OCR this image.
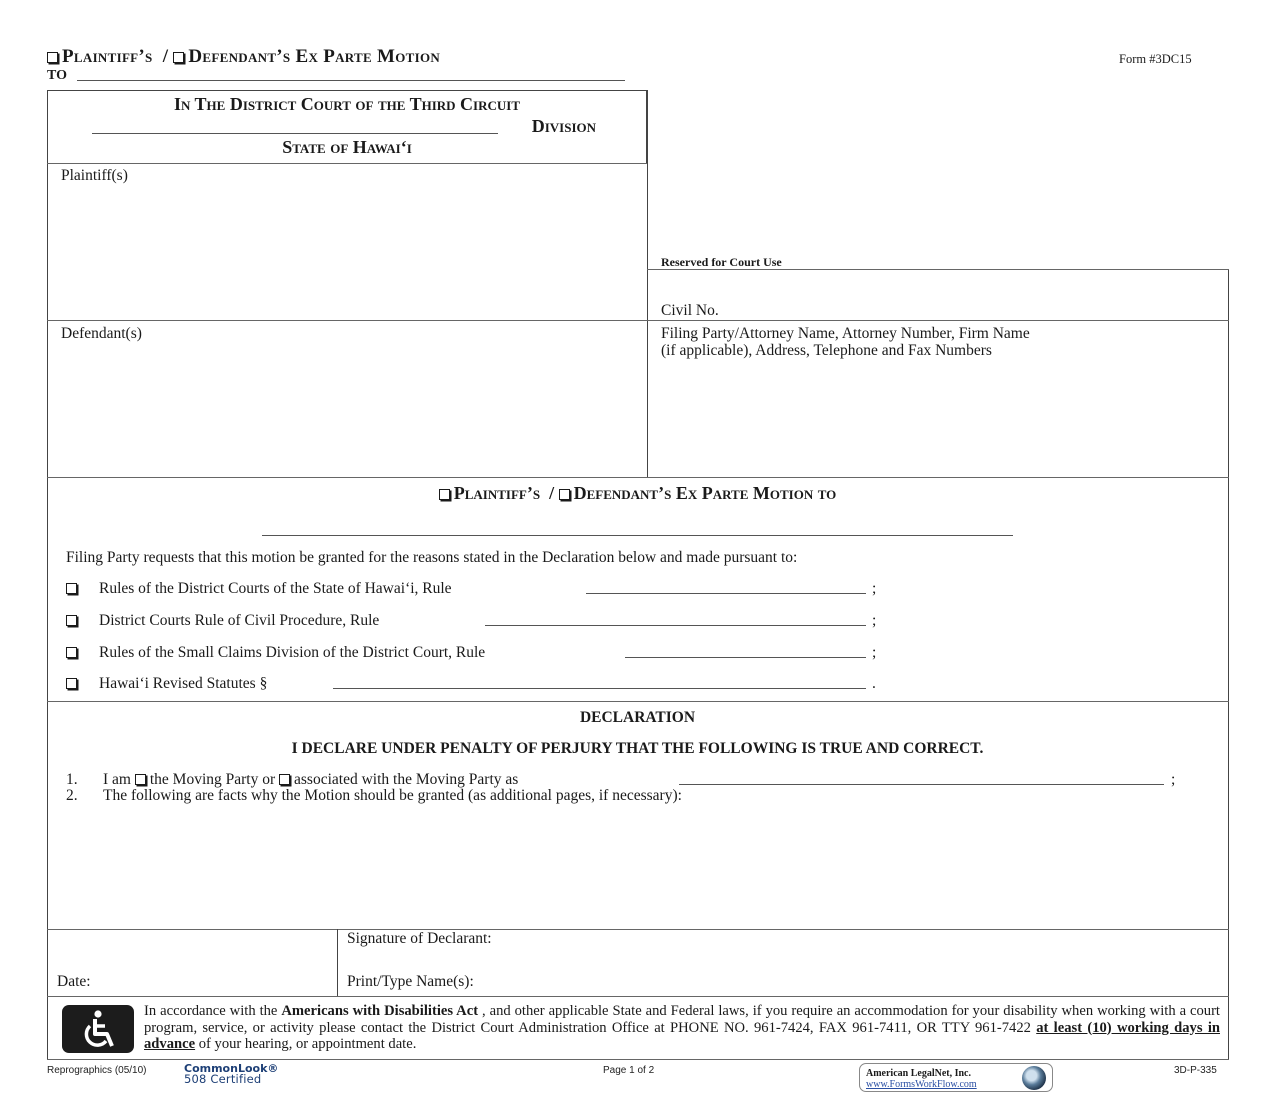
Plaintiff’s / Defendant’s Ex Parte Motion
TO
Form #3DC15
In The District Court of the Third Circuit
Division
State of Hawai‘i
Plaintiff(s)
Defendant(s)
Reserved for Court Use
Civil No.
Filing Party/Attorney Name, Attorney Number, Firm Name
(if applicable), Address, Telephone and Fax Numbers
Plaintiff’s / Defendant’s Ex Parte Motion to
Filing Party requests that this motion be granted for the reasons stated in the Declaration below and made pursuant to:
Rules of the District Courts of the State of Hawai‘i, Rule	;
District Courts Rule of Civil Procedure, Rule	;
Rules of the Small Claims Division of the District Court, Rule	;
Hawai‘i Revised Statutes §	.
DECLARATION
I DECLARE UNDER PENALTY OF PERJURY THAT THE FOLLOWING IS TRUE AND CORRECT.
1. I am the Moving Party or associated with the Moving Party as	;
2. The following are facts why the Motion should be granted (as additional pages, if necessary):
Date:
Signature of Declarant:
Print/Type Name(s):
In accordance with the Americans with Disabilities Act , and other applicable State and Federal laws, if you require an accommodation for your disability when working with a court program, service, or activity please contact the District Court Administration Office at PHONE NO. 961-7424, FAX 961-7411, OR TTY 961-7422 at least (10) working days in advance of your hearing, or appointment date.
Reprographics (05/10)	CommonLook®
508 Certified
Page 1 of 2	American LegalNet, Inc.
www.FormsWorkFlow.com
3D-P-335
